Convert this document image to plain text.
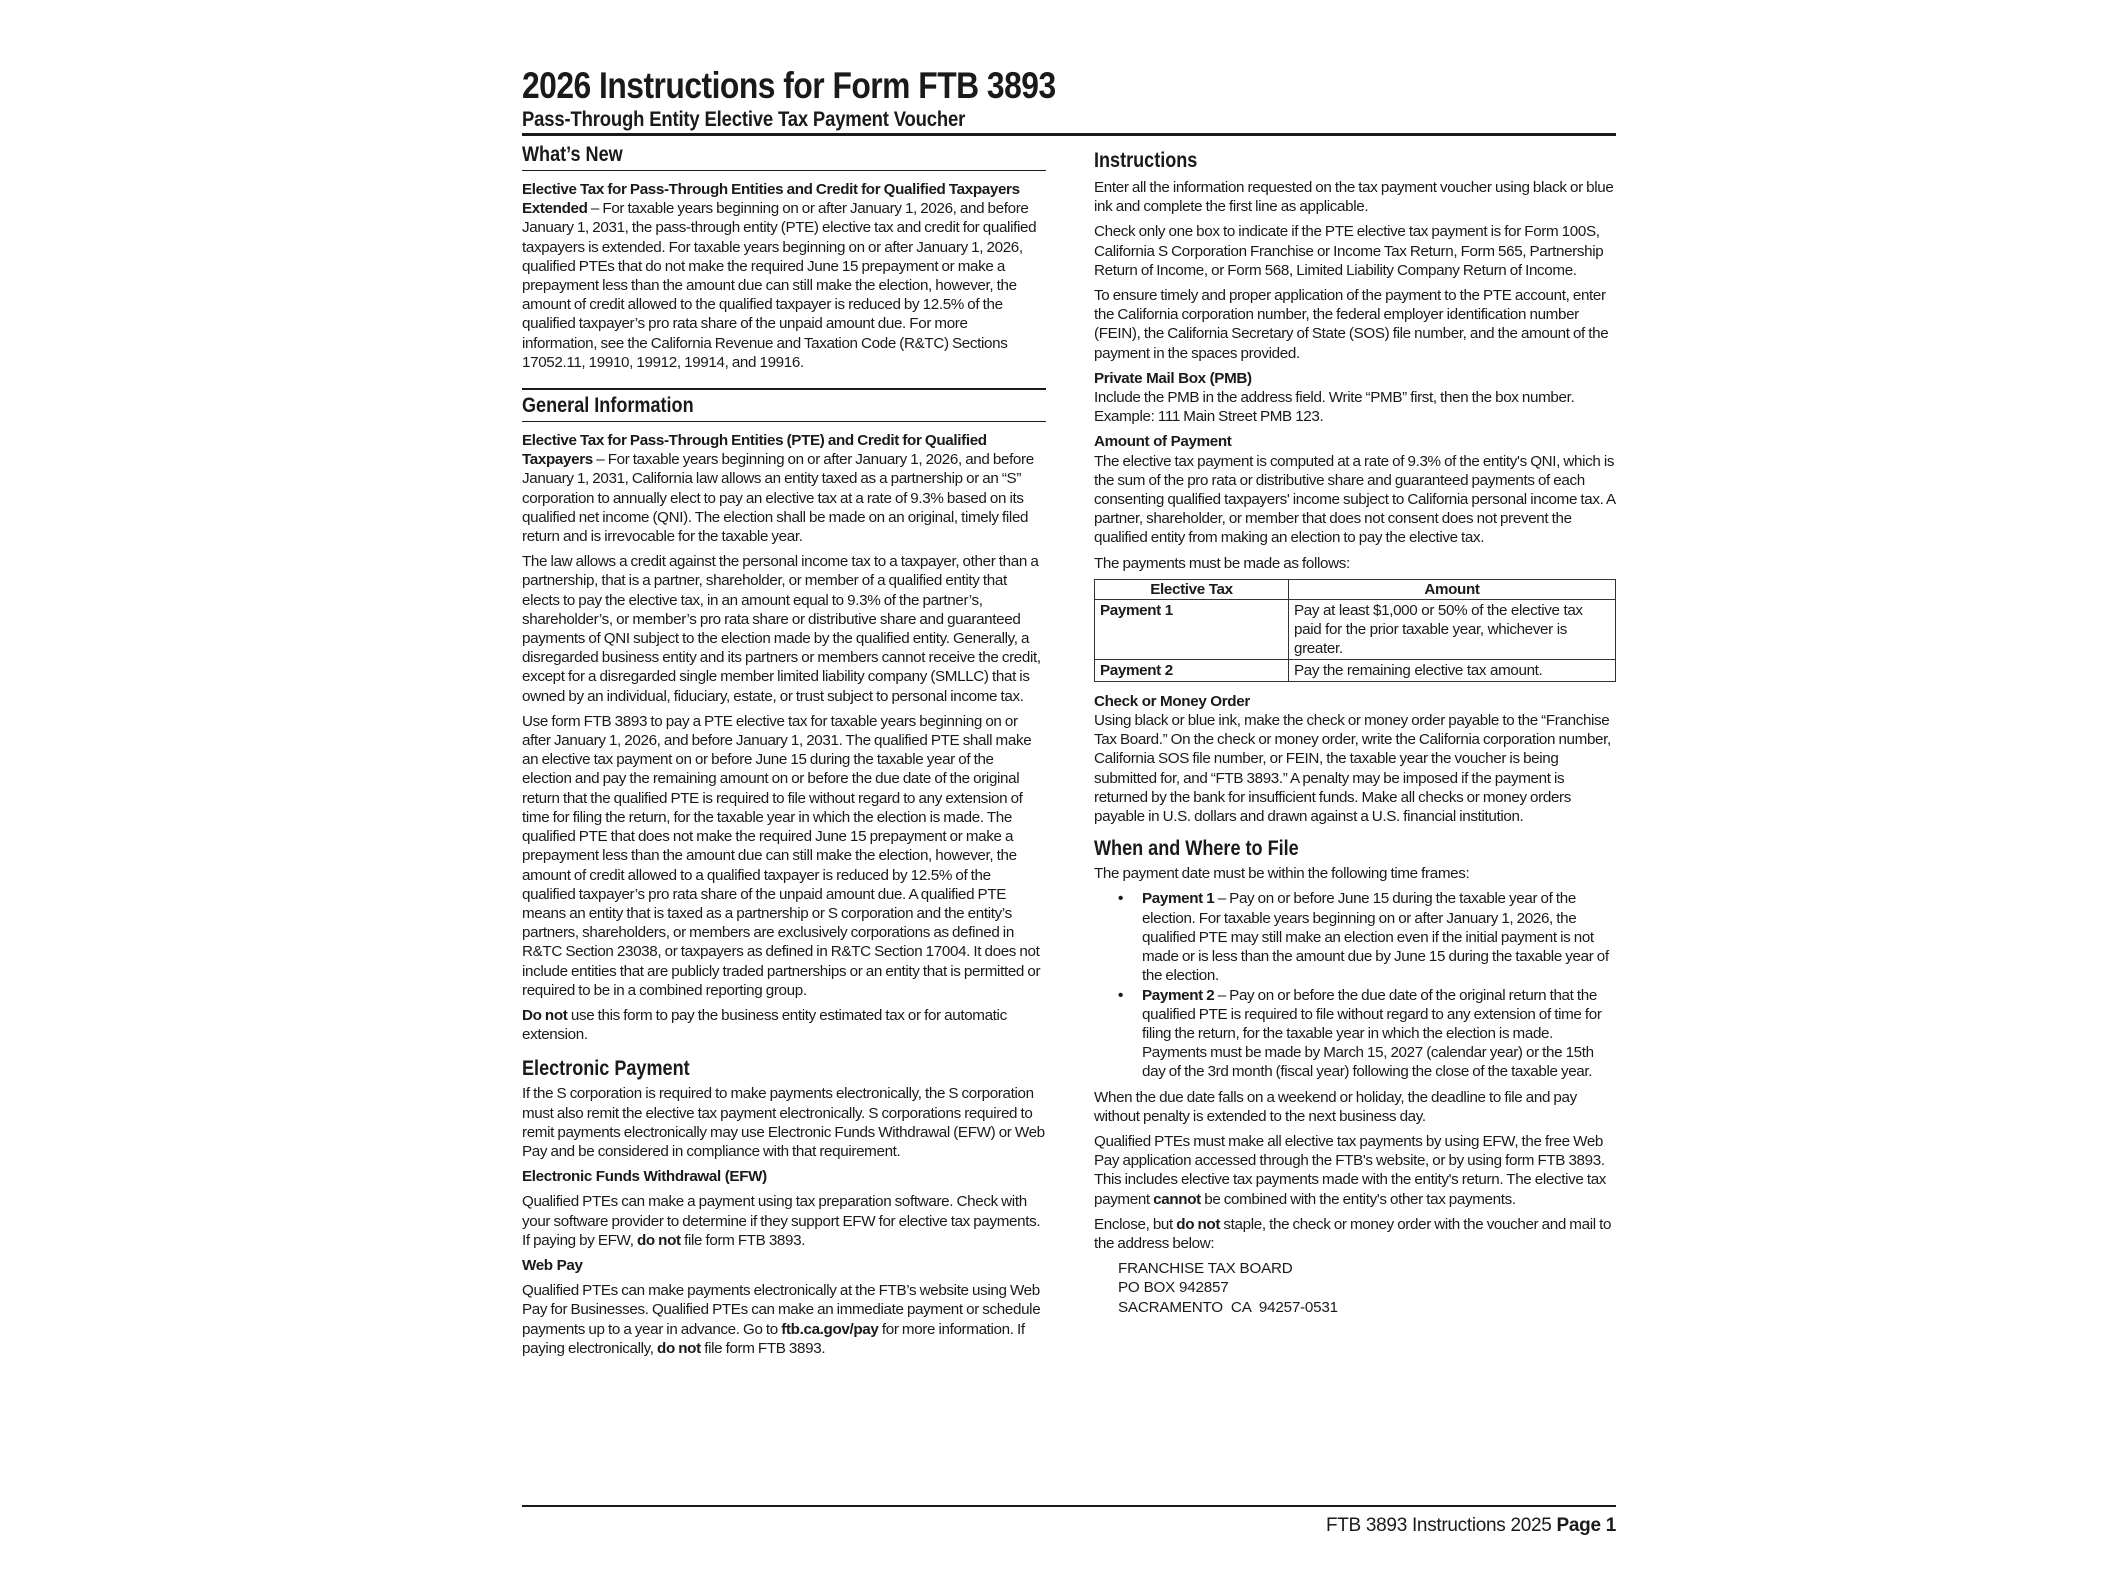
2026 Instructions for Form FTB 3893
Pass-Through Entity Elective Tax Payment Voucher
What’s New

Elective Tax for Pass-Through Entities and Credit for Qualified Taxpayers Extended – For taxable years beginning on or after January 1, 2026, and before January 1, 2031, the pass-through entity (PTE) elective tax and credit for qualified taxpayers is extended. For taxable years beginning on or after January 1, 2026, qualified PTEs that do not make the required June 15 prepayment or make a prepayment less than the amount due can still make the election, however, the amount of credit allowed to the qualified taxpayer is reduced by 12.5% of the qualified taxpayer’s pro rata share of the unpaid amount due. For more information, see the California Revenue and Taxation Code (R&TC) Sections 17052.11, 19910, 19912, 19914, and 19916.

General Information

Elective Tax for Pass-Through Entities (PTE) and Credit for Qualified Taxpayers – For taxable years beginning on or after January 1, 2026, and before January 1, 2031, California law allows an entity taxed as a partnership or an “S” corporation to annually elect to pay an elective tax at a rate of 9.3% based on its qualified net income (QNI). The election shall be made on an original, timely filed return and is irrevocable for the taxable year.

The law allows a credit against the personal income tax to a taxpayer, other than a partnership, that is a partner, shareholder, or member of a qualified entity that elects to pay the elective tax, in an amount equal to 9.3% of the partner’s, shareholder’s, or member’s pro rata share or distributive share and guaranteed payments of QNI subject to the election made by the qualified entity. Generally, a disregarded business entity and its partners or members cannot receive the credit, except for a disregarded single member limited liability company (SMLLC) that is owned by an individual, fiduciary, estate, or trust subject to personal income tax.

Use form FTB 3893 to pay a PTE elective tax for taxable years beginning on or after January 1, 2026, and before January 1, 2031. The qualified PTE shall make an elective tax payment on or before June 15 during the taxable year of the election and pay the remaining amount on or before the due date of the original return that the qualified PTE is required to file without regard to any extension of time for filing the return, for the taxable year in which the election is made. The qualified PTE that does not make the required June 15 prepayment or make a prepayment less than the amount due can still make the election, however, the amount of credit allowed to a qualified taxpayer is reduced by 12.5% of the qualified taxpayer’s pro rata share of the unpaid amount due. A qualified PTE means an entity that is taxed as a partnership or S corporation and the entity’s partners, shareholders, or members are exclusively corporations as defined in R&TC Section 23038, or taxpayers as defined in R&TC Section 17004. It does not include entities that are publicly traded partnerships or an entity that is permitted or required to be in a combined reporting group.

Do not use this form to pay the business entity estimated tax or for automatic extension.

Electronic Payment

If the S corporation is required to make payments electronically, the S corporation must also remit the elective tax payment electronically. S corporations required to remit payments electronically may use Electronic Funds Withdrawal (EFW) or Web Pay and be considered in compliance with that requirement.

Electronic Funds Withdrawal (EFW)

Qualified PTEs can make a payment using tax preparation software. Check with your software provider to determine if they support EFW for elective tax payments. If paying by EFW, do not file form FTB 3893.

Web Pay

Qualified PTEs can make payments electronically at the FTB’s website using Web Pay for Businesses. Qualified PTEs can make an immediate payment or schedule payments up to a year in advance. Go to ftb.ca.gov/pay for more information. If paying electronically, do not file form FTB 3893.

Instructions

Enter all the information requested on the tax payment voucher using black or blue ink and complete the first line as applicable.

Check only one box to indicate if the PTE elective tax payment is for Form 100S, California S Corporation Franchise or Income Tax Return, Form 565, Partnership Return of Income, or Form 568, Limited Liability Company Return of Income.

To ensure timely and proper application of the payment to the PTE account, enter the California corporation number, the federal employer identification number (FEIN), the California Secretary of State (SOS) file number, and the amount of the payment in the spaces provided.

Private Mail Box (PMB)

Include the PMB in the address field. Write “PMB” first, then the box number. Example: 111 Main Street PMB 123.

Amount of Payment

The elective tax payment is computed at a rate of 9.3% of the entity's QNI, which is the sum of the pro rata or distributive share and guaranteed payments of each consenting qualified taxpayers' income subject to California personal income tax. A partner, shareholder, or member that does not consent does not prevent the qualified entity from making an election to pay the elective tax.

The payments must be made as follows:

Elective Tax	Amount
Payment 1	Pay at least $1,000 or 50% of the elective tax paid for the prior taxable year, whichever is greater.
Payment 2	Pay the remaining elective tax amount.
Check or Money Order

Using black or blue ink, make the check or money order payable to the “Franchise Tax Board.” On the check or money order, write the California corporation number, California SOS file number, or FEIN, the taxable year the voucher is being submitted for, and “FTB 3893.” A penalty may be imposed if the payment is returned by the bank for insufficient funds. Make all checks or money orders payable in U.S. dollars and drawn against a U.S. financial institution.

When and Where to File

The payment date must be within the following time frames:

• Payment 1 – Pay on or before June 15 during the taxable year of the election. For taxable years beginning on or after January 1, 2026, the qualified PTE may still make an election even if the initial payment is not made or is less than the amount due by June 15 during the taxable year of the election.
• Payment 2 – Pay on or before the due date of the original return that the qualified PTE is required to file without regard to any extension of time for filing the return, for the taxable year in which the election is made. Payments must be made by March 15, 2027 (calendar year) or the 15th day of the 3rd month (fiscal year) following the close of the taxable year.

When the due date falls on a weekend or holiday, the deadline to file and pay without penalty is extended to the next business day.

Qualified PTEs must make all elective tax payments by using EFW, the free Web Pay application accessed through the FTB's website, or by using form FTB 3893. This includes elective tax payments made with the entity's return. The elective tax payment cannot be combined with the entity's other tax payments.

Enclose, but do not staple, the check or money order with the voucher and mail to the address below:

FRANCHISE TAX BOARD
PO BOX 942857
SACRAMENTO  CA  94257-0531
FTB 3893 Instructions 2025 Page 1
